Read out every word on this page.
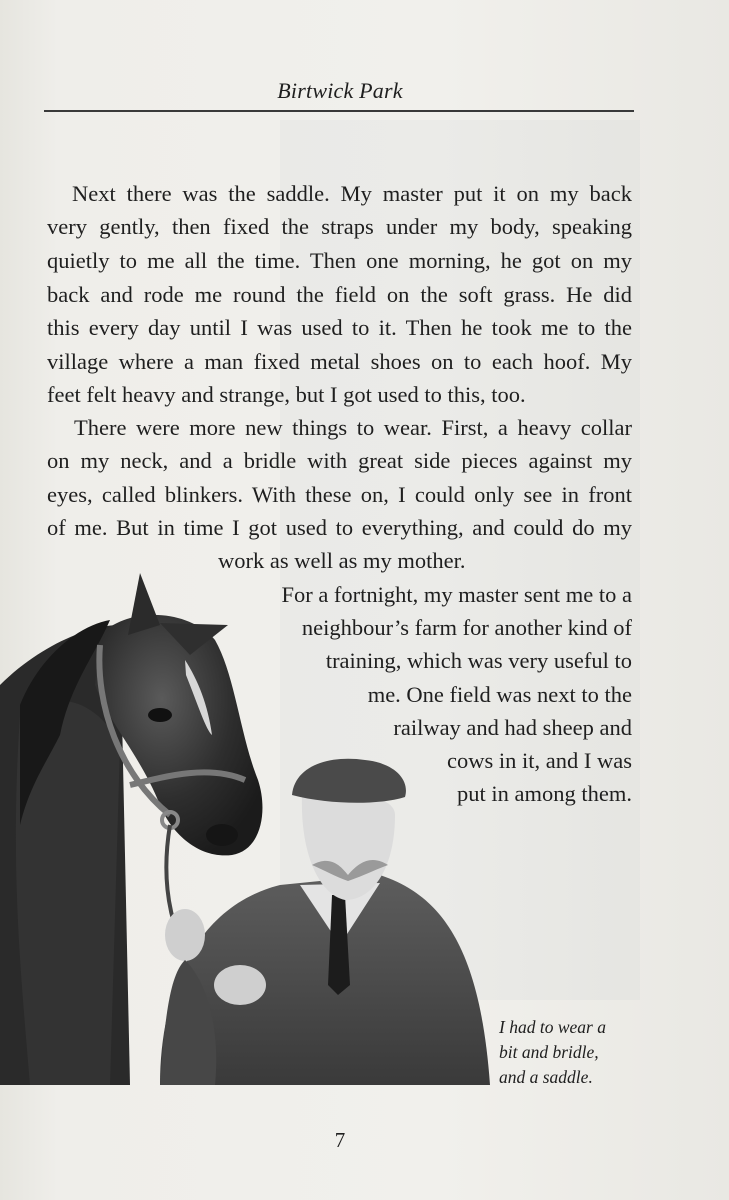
Birtwick Park
Next there was the saddle. My master put it on my back
very gently, then fixed the straps under my body, speaking
quietly to me all the time. Then one morning, he got on my
back and rode me round the field on the soft grass. He did
this every day until I was used to it. Then he took me to the
village where a man fixed metal shoes on to each hoof. My
feet felt heavy and strange, but I got used to this, too.
There were more new things to wear. First, a heavy collar
on my neck, and a bridle with great side pieces against my
eyes, called blinkers. With these on, I could only see in front
of me. But in time I got used to everything, and could do my
work as well as my mother.
For a fortnight, my master sent me to a
neighbour’s farm for another kind of
training, which was very useful to
me. One field was next to the
railway and had sheep and
cows in it, and I was
put in among them.
I had to wear a
bit and bridle,
and a saddle.
7
